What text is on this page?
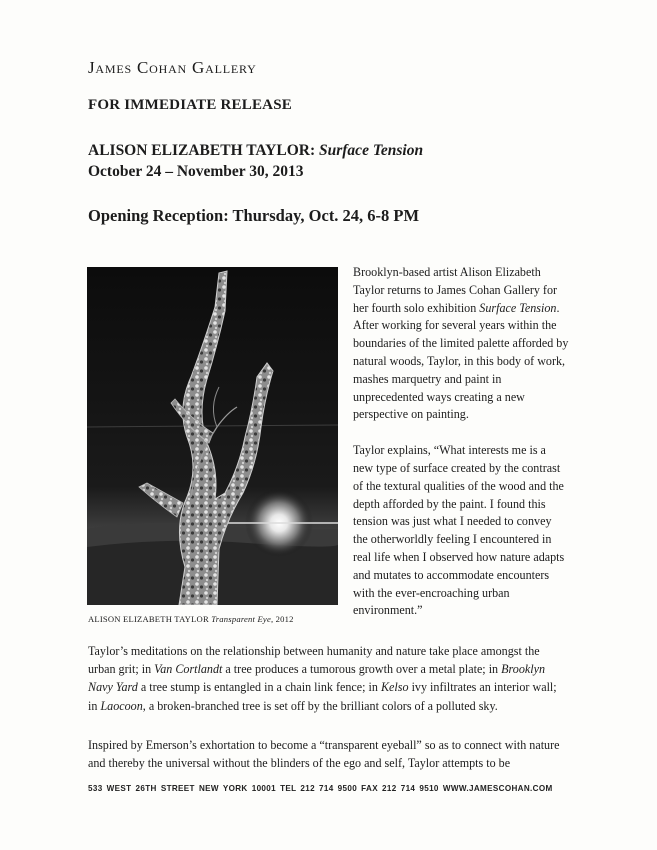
James Cohan Gallery
FOR IMMEDIATE RELEASE
ALISON ELIZABETH TAYLOR: Surface Tension
October 24 – November 30, 2013
Opening Reception: Thursday, Oct. 24, 6-8 PM
ALISON ELIZABETH TAYLOR Transparent Eye, 2012

Brooklyn-based artist Alison Elizabeth Taylor returns to James Cohan Gallery for her fourth solo exhibition Surface Tension. After working for several years within the boundaries of the limited palette afforded by natural woods, Taylor, in this body of work, mashes marquetry and paint in unprecedented ways creating a new perspective on painting.

Taylor explains, “What interests me is a new type of surface created by the contrast of the textural qualities of the wood and the depth afforded by the paint. I found this tension was just what I needed to convey the otherworldly feeling I encountered in real life when I observed how nature adapts and mutates to accommodate encounters with the ever-encroaching urban environment.”

Taylor’s meditations on the relationship between humanity and nature take place amongst the urban grit; in Van Cortlandt a tree produces a tumorous growth over a metal plate; in Brooklyn Navy Yard a tree stump is entangled in a chain link fence; in Kelso ivy infiltrates an interior wall; in Laocoon, a broken-branched tree is set off by the brilliant colors of a polluted sky.

Inspired by Emerson’s exhortation to become a “transparent eyeball” so as to connect with nature and thereby the universal without the blinders of the ego and self, Taylor attempts to be

533 WEST 26TH STREET NEW YORK 10001 TEL 212 714 9500 FAX 212 714 9510 WWW.JAMESCOHAN.COM
